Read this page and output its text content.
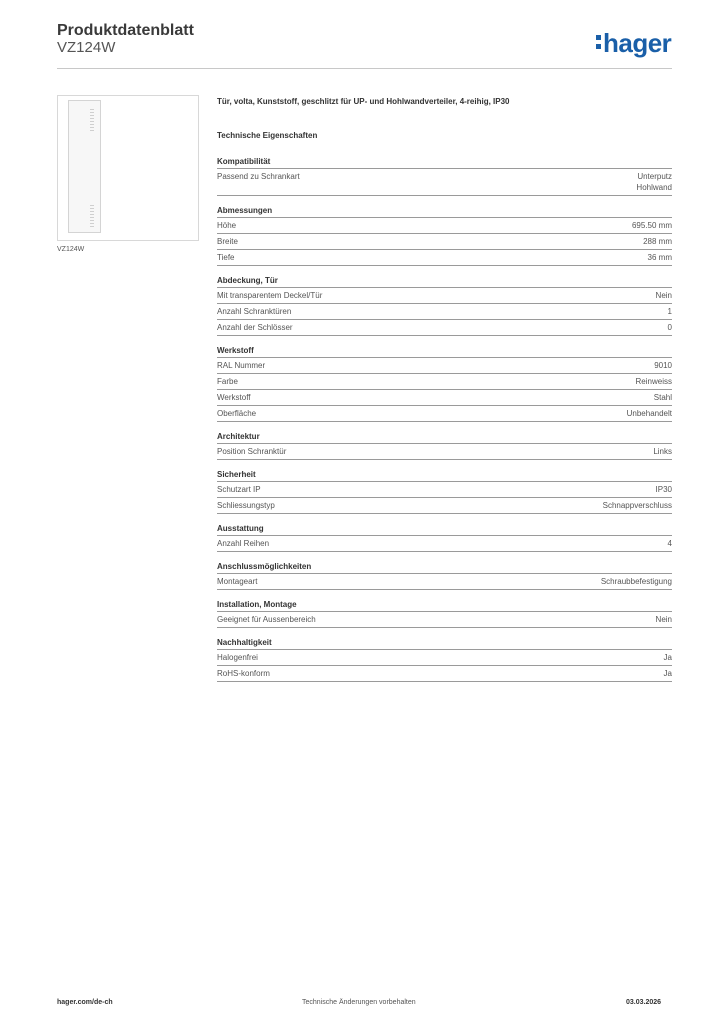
Produktdatenblatt
VZ124W	hager
VZ124W
Tür, volta, Kunststoff, geschlitzt für UP- und Hohlwandverteiler, 4-reihig, IP30
Technische Eigenschaften
Kompatibilität
Passend zu Schrankart	Unterputz
Hohlwand
Abmessungen
Höhe	695.50 mm
Breite	288 mm
Tiefe	36 mm
Abdeckung, Tür
Mit transparentem Deckel/Tür	Nein
Anzahl Schranktüren	1
Anzahl der Schlösser	0
Werkstoff
RAL Nummer	9010
Farbe	Reinweiss
Werkstoff	Stahl
Oberfläche	Unbehandelt
Architektur
Position Schranktür	Links
Sicherheit
Schutzart IP	IP30
Schliessungstyp	Schnappverschluss
Ausstattung
Anzahl Reihen	4
Anschlussmöglichkeiten
Montageart	Schraubbefestigung
Installation, Montage
Geeignet für Aussenbereich	Nein
Nachhaltigkeit
Halogenfrei	Ja
RoHS-konform	Ja
hager.com/de-ch	Technische Änderungen vorbehalten	03.03.2026
